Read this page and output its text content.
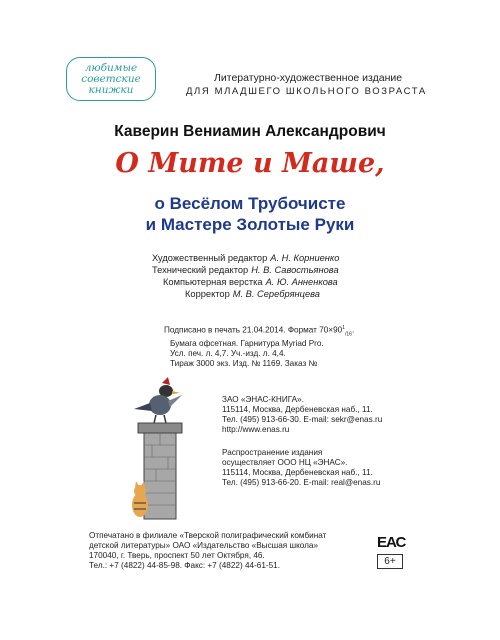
любимые
советские
книжки
Литературно-художественное издание
ДЛЯ МЛАДШЕГО ШКОЛЬНОГО ВОЗРАСТА
Каверин Вениамин Александрович
О Мите и Маше,
о Весёлом Трубочисте
и Мастере Золотые Руки
Художественный редактор А. Н. Корниенко
Технический редактор Н. В. Савостьянова
Компьютерная верстка А. Ю. Анненкова
Корректор М. В. Серебрянцева
Подписано в печать 21.04.2014. Формат $70\times 90^1_{/16}$.
Бумага офсетная. Гарнитура Myriad Pro.
Усл. печ. л. 4,7. Уч.-изд. л. 4,4.
Тираж 3000 экз. Изд. № 1169. Заказ №
ЗАО «ЭНАС-КНИГА».
115114, Москва, Дербеневская наб., 11.
Тел. (495) 913-66-30. E-mail: sekr@enas.ru
http://www.enas.ru
Распространение издания
осуществляет ООО НЦ «ЭНАС».
115114, Москва, Дербеневская наб., 11.
Тел. (495) 913-66-20. E-mail: real@enas.ru
Отпечатано в филиале «Тверской полиграфический комбинат
детской литературы» ОАО «Издательство «Высшая школа»
170040, г. Тверь, проспект 50 лет Октября, 46.
Тел.: +7 (4822) 44-85-98. Факс: +7 (4822) 44-61-51.
ЕАС
6+
